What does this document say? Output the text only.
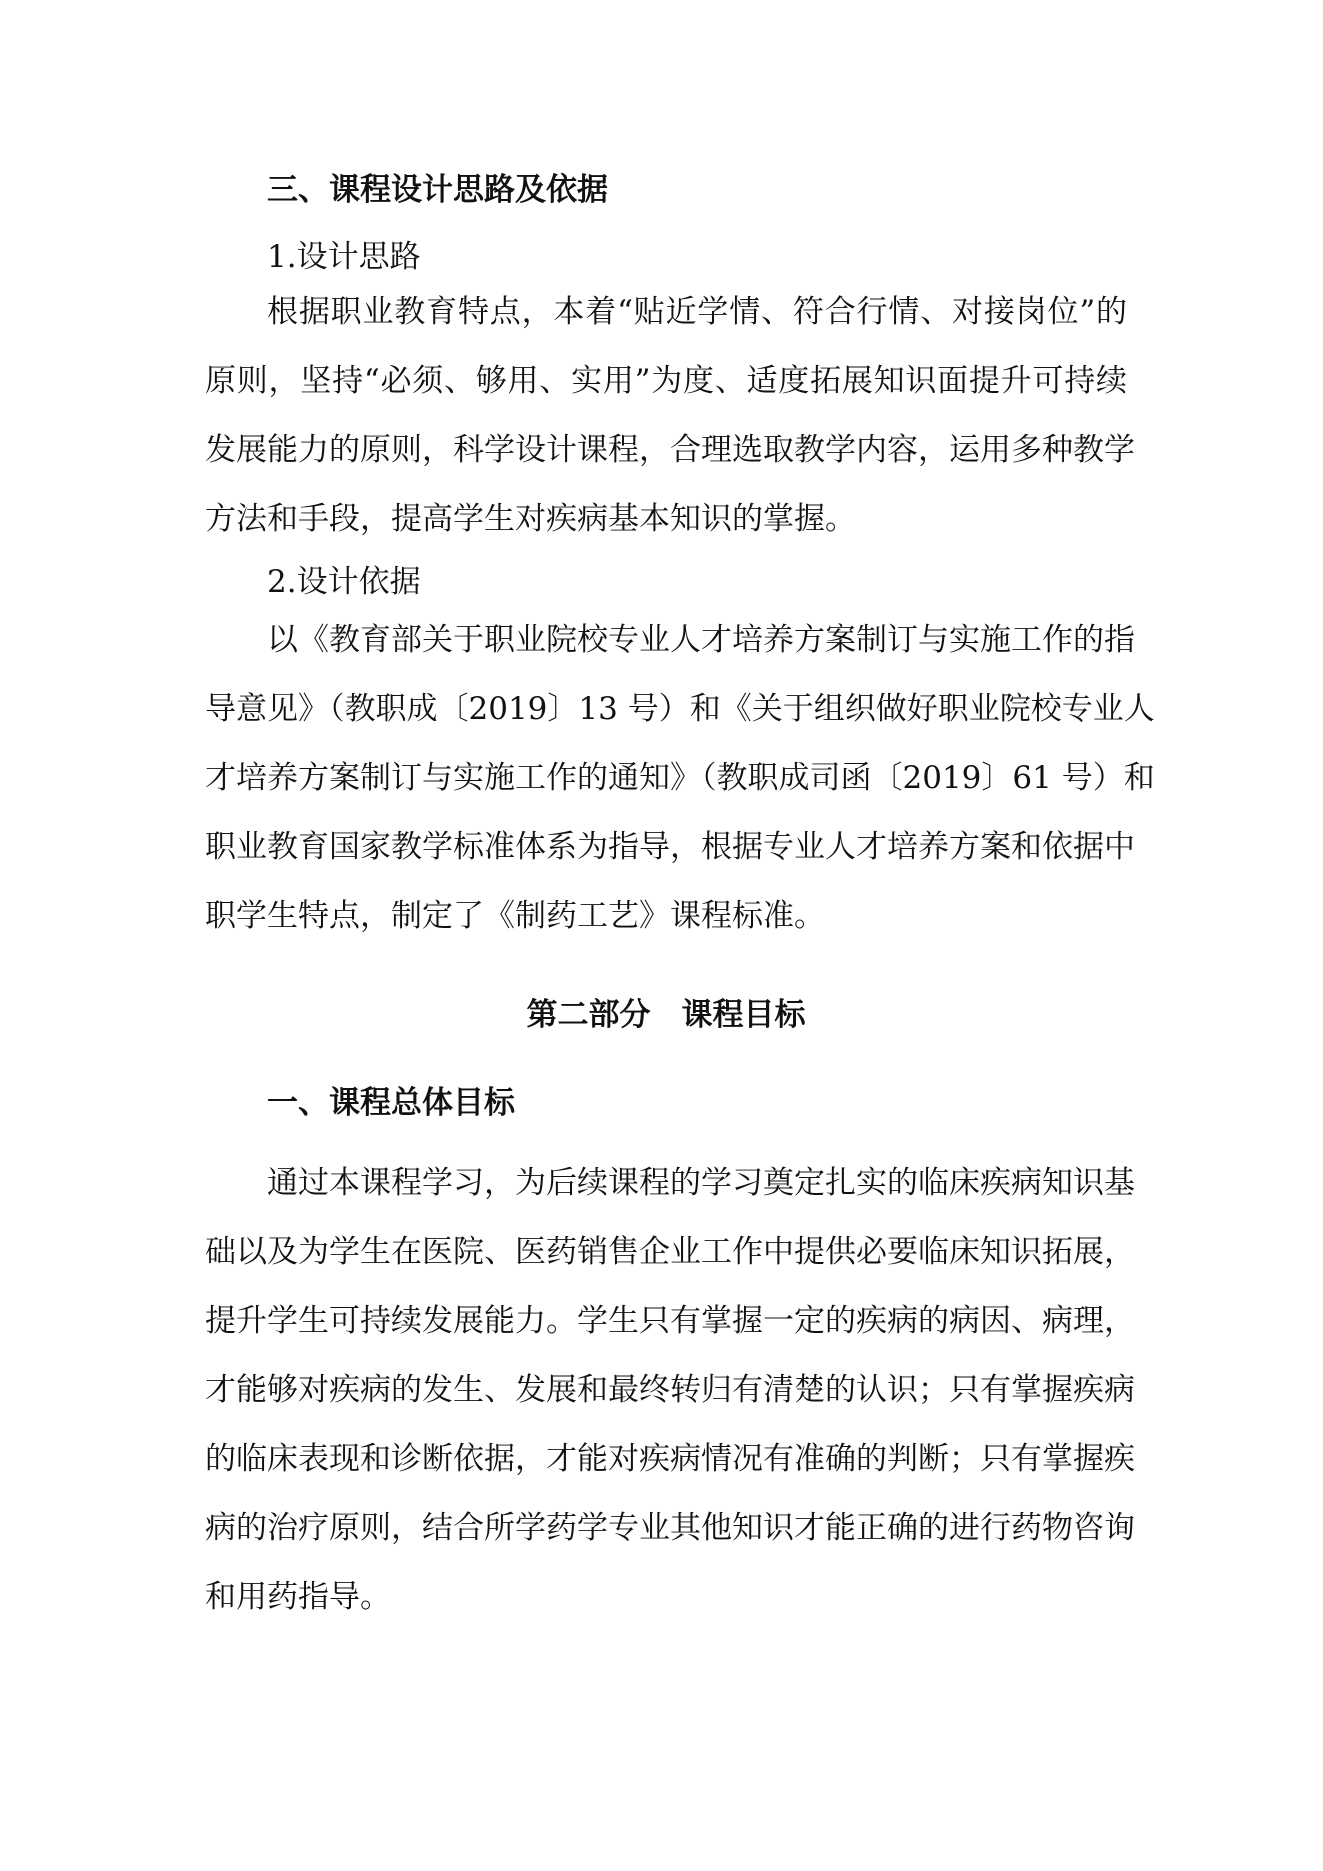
三、课程设计思路及依据
1.设计思路
根据职业教育特点，本着“贴近学情、符合行情、对接岗位”的
原则，坚持“必须、够用、实用”为度、适度拓展知识面提升可持续
发展能力的原则，科学设计课程，合理选取教学内容，运用多种教学
方法和手段，提高学生对疾病基本知识的掌握。
2.设计依据
以《教育部关于职业院校专业人才培养方案制订与实施工作的指
导意见》（教职成〔2019〕13 号）和《关于组织做好职业院校专业人
才培养方案制订与实施工作的通知》（教职成司函〔2019〕61 号）和
职业教育国家教学标准体系为指导，根据专业人才培养方案和依据中
职学生特点，制定了《制药工艺》课程标准。
第二部分　课程目标
一、课程总体目标
通过本课程学习，为后续课程的学习奠定扎实的临床疾病知识基
础以及为学生在医院、医药销售企业工作中提供必要临床知识拓展，
提升学生可持续发展能力。学生只有掌握一定的疾病的病因、病理，
才能够对疾病的发生、发展和最终转归有清楚的认识；只有掌握疾病
的临床表现和诊断依据，才能对疾病情况有准确的判断；只有掌握疾
病的治疗原则，结合所学药学专业其他知识才能正确的进行药物咨询
和用药指导。
